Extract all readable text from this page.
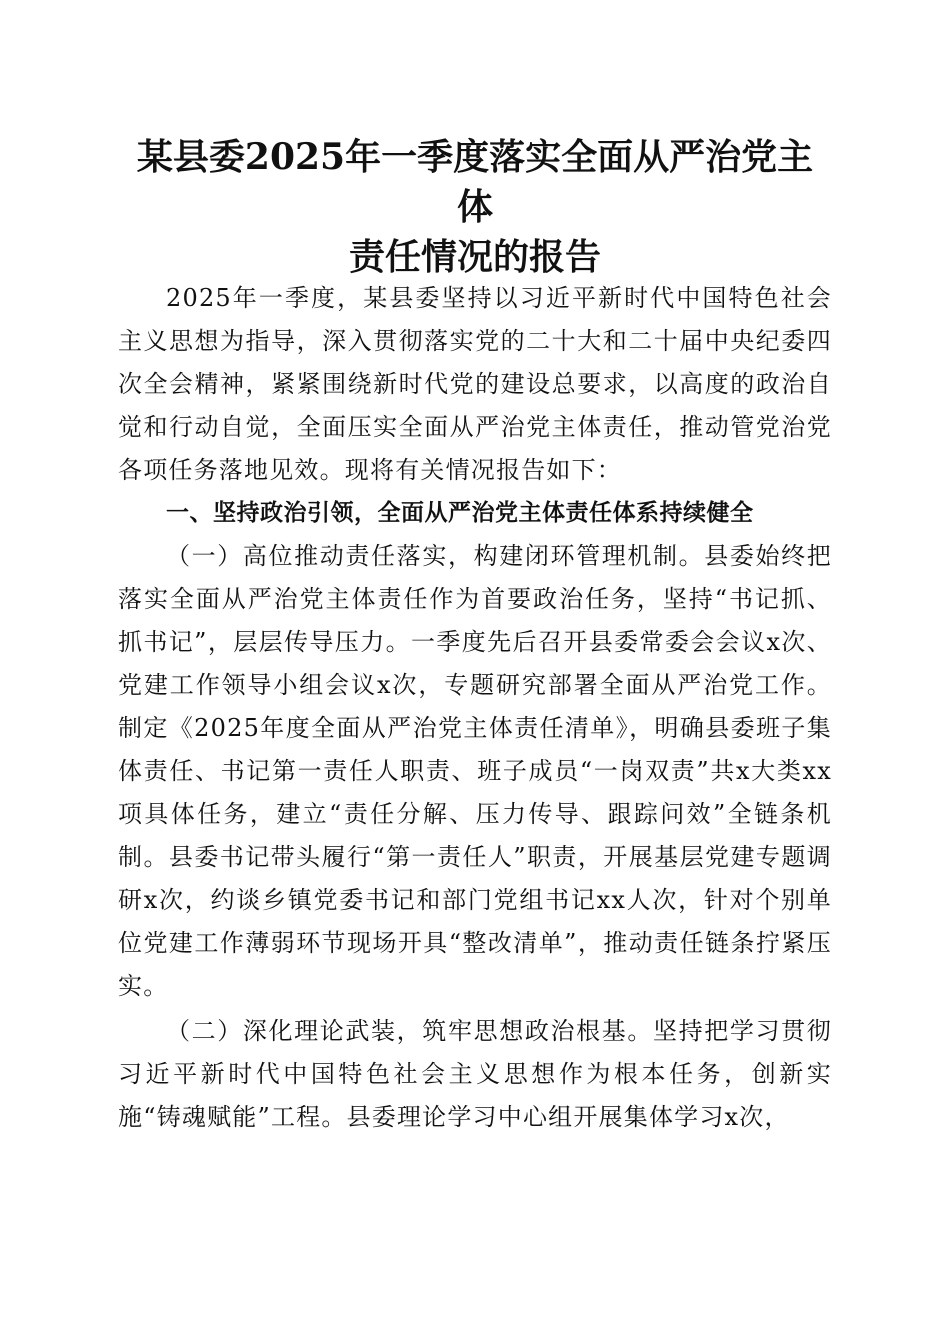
某县委2025年一季度落实全面从严治党主体
责任情况的报告

2025年一季度，某县委坚持以习近平新时代中国特色社会主义思想为指导，深入贯彻落实党的二十大和二十届中央纪委四次全会精神，紧紧围绕新时代党的建设总要求，以高度的政治自觉和行动自觉，全面压实全面从严治党主体责任，推动管党治党各项任务落地见效。现将有关情况报告如下：

一、坚持政治引领，全面从严治党主体责任体系持续健全

（一）高位推动责任落实，构建闭环管理机制。县委始终把落实全面从严治党主体责任作为首要政治任务，坚持“书记抓、抓书记”，层层传导压力。一季度先后召开县委常委会会议x次、党建工作领导小组会议x次，专题研究部署全面从严治党工作。制定《2025年度全面从严治党主体责任清单》，明确县委班子集体责任、书记第一责任人职责、班子成员“一岗双责”共x大类xx项具体任务，建立“责任分解、压力传导、跟踪问效”全链条机制。县委书记带头履行“第一责任人”职责，开展基层党建专题调研x次，约谈乡镇党委书记和部门党组书记xx人次，针对个别单位党建工作薄弱环节现场开具“整改清单”，推动责任链条拧紧压实。

（二）深化理论武装，筑牢思想政治根基。坚持把学习贯彻习近平新时代中国特色社会主义思想作为根本任务，创新实施“铸魂赋能”工程。县委理论学习中心组开展集体学习x次，
